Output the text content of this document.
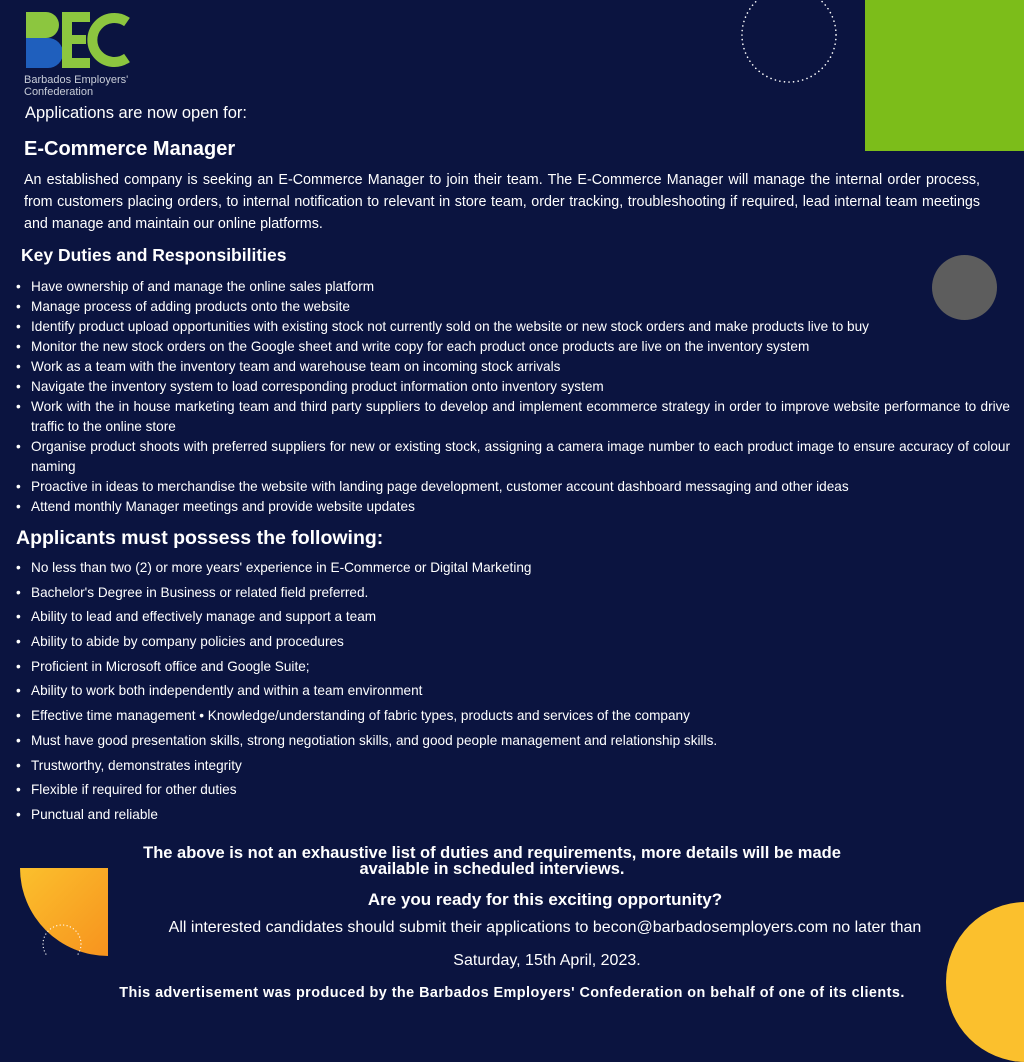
Barbados Employers'
Confederation
Applications are now open for:
E-Commerce Manager

An established company is seeking an E-Commerce Manager to join their team. The E-Commerce Manager will manage the internal order process, from customers placing orders, to internal notification to relevant in store team, order tracking, troubleshooting if required, lead internal team meetings and manage and maintain our online platforms.

Key Duties and Responsibilities
• Have ownership of and manage the online sales platform
• Manage process of adding products onto the website
• Identify product upload opportunities with existing stock not currently sold on the website or new stock orders and make products live to buy
• Monitor the new stock orders on the Google sheet and write copy for each product once products are live on the inventory system
• Work as a team with the inventory team and warehouse team on incoming stock arrivals
• Navigate the inventory system to load corresponding product information onto inventory system
• Work with the in house marketing team and third party suppliers to develop and implement ecommerce strategy in order to improve website performance to drive traffic to the online store
• Organise product shoots with preferred suppliers for new or existing stock, assigning a camera image number to each product image to ensure accuracy of colour naming
• Proactive in ideas to merchandise the website with landing page development, customer account dashboard messaging and other ideas
• Attend monthly Manager meetings and provide website updates
Applicants must possess the following:
• No less than two (2) or more years' experience in E-Commerce or Digital Marketing
• Bachelor's Degree in Business or related field preferred.
• Ability to lead and effectively manage and support a team
• Ability to abide by company policies and procedures
• Proficient in Microsoft office and Google Suite;
• Ability to work both independently and within a team environment
• Effective time management • Knowledge/understanding of fabric types, products and services of the company
• Must have good presentation skills, strong negotiation skills, and good people management and relationship skills.
• Trustworthy, demonstrates integrity
• Flexible if required for other duties
• Punctual and reliable

The above is not an exhaustive list of duties and requirements, more details will be made available in scheduled interviews.

Are you ready for this exciting opportunity?
All interested candidates should submit their applications to becon@barbadosemployers.com no later than
Saturday, 15th April, 2023.
This advertisement was produced by the Barbados Employers' Confederation on behalf of one of its clients.
